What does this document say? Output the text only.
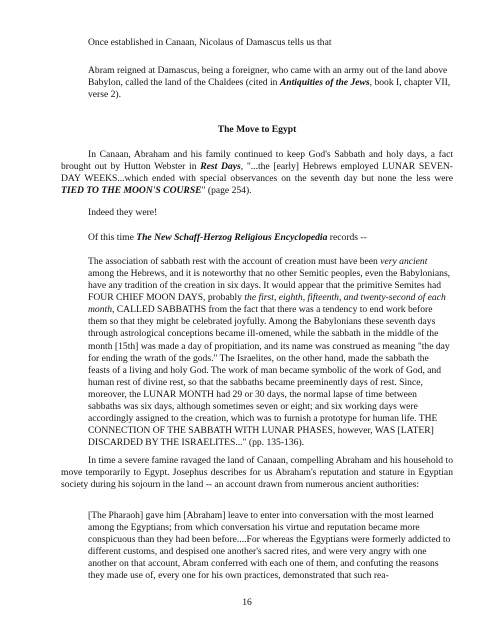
Once established in Canaan, Nicolaus of Damascus tells us that

Abram reigned at Damascus, being a foreigner, who came with an army out of the land above Babylon, called the land of the Chaldees (cited in Antiquities of the Jews, book I, chapter VII, verse 2).

The Move to Egypt

In Canaan, Abraham and his family continued to keep God's Sabbath and holy days, a fact brought out by Hutton Webster in Rest Days, "...the [early] Hebrews employed LUNAR SEVEN-DAY WEEKS...which ended with special observances on the seventh day but none the less were TIED TO THE MOON'S COURSE" (page 254).

Indeed they were!

Of this time The New Schaff-Herzog Religious Encyclopedia records --

The association of sabbath rest with the account of creation must have been very ancient among the Hebrews, and it is noteworthy that no other Semitic peoples, even the Babylonians, have any tradition of the creation in six days. It would appear that the primitive Semites had FOUR CHIEF MOON DAYS, probably the first, eighth, fifteenth, and twenty-second of each month, CALLED SABBATHS from the fact that there was a tendency to end work before them so that they might be celebrated joyfully. Among the Babylonians these seventh days through astrological conceptions became ill-omened, while the sabbath in the middle of the month [15th] was made a day of propitiation, and its name was construed as meaning "the day for ending the wrath of the gods." The Israelites, on the other hand, made the sabbath the feasts of a living and holy God. The work of man became symbolic of the work of God, and human rest of divine rest, so that the sabbaths became preeminently days of rest. Since, moreover, the LUNAR MONTH had 29 or 30 days, the normal lapse of time between sabbaths was six days, although sometimes seven or eight; and six working days were accordingly assigned to the creation, which was to furnish a prototype for human life. THE CONNECTION OF THE SABBATH WITH LUNAR PHASES, however, WAS [LATER] DISCARDED BY THE ISRAELITES..." (pp. 135-136).

In time a severe famine ravaged the land of Canaan, compelling Abraham and his household to move temporarily to Egypt. Josephus describes for us Abraham's reputation and stature in Egyptian society during his sojourn in the land -- an account drawn from numerous ancient authorities:

[The Pharaoh] gave him [Abraham] leave to enter into conversation with the most learned among the Egyptians; from which conversation his virtue and reputation became more conspicuous than they had been before....For whereas the Egyptians were formerly addicted to different customs, and despised one another's sacred rites, and were very angry with one another on that account, Abram conferred with each one of them, and confuting the reasons they made use of, every one for his own practices, demonstrated that such rea-

16
